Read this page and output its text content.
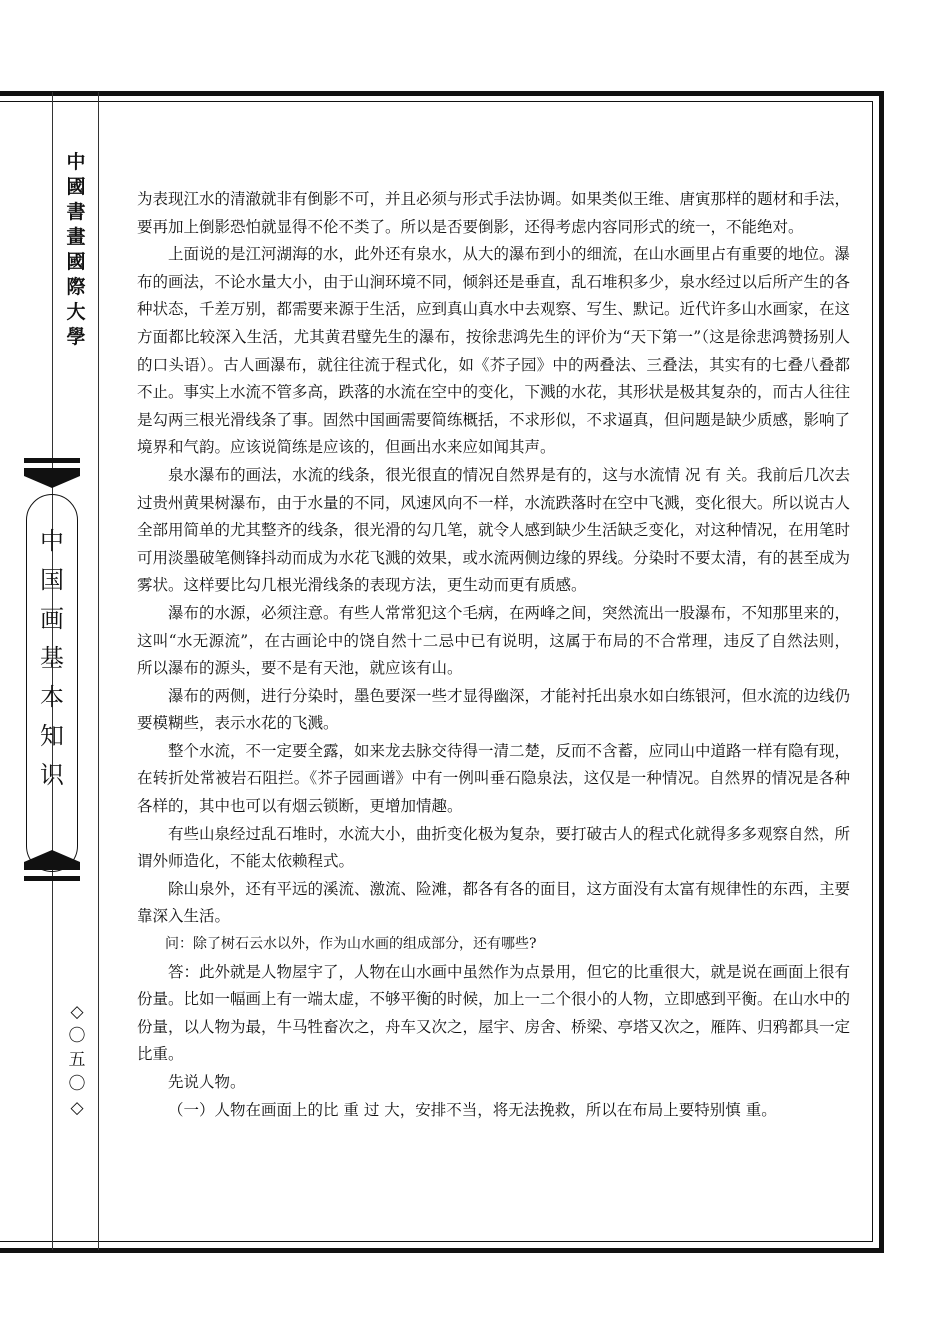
中
國
書
畫
國
際
大
學
中
国
画
基
本
知
识
◇
〇
五
〇
◇

为表现江水的清澈就非有倒影不可，并且必须与形式手法协调。如果类似王维、唐寅那样的题材和手法，要再加上倒影恐怕就显得不伦不类了。所以是否要倒影，还得考虑内容同形式的统一，不能绝对。

上面说的是江河湖海的水，此外还有泉水，从大的瀑布到小的细流，在山水画里占有重要的地位。瀑布的画法，不论水量大小，由于山涧环境不同，倾斜还是垂直，乱石堆积多少，泉水经过以后所产生的各种状态，千差万别，都需要来源于生活，应到真山真水中去观察、写生、默记。近代许多山水画家，在这方面都比较深入生活，尤其黄君璧先生的瀑布，按徐悲鸿先生的评价为“天下第一”（这是徐悲鸿赞扬别人的口头语）。古人画瀑布，就往往流于程式化，如《芥子园》中的两叠法、三叠法，其实有的七叠八叠都不止。事实上水流不管多高，跌落的水流在空中的变化，下溅的水花，其形状是极其复杂的，而古人往往是勾两三根光滑线条了事。固然中国画需要简练概括，不求形似，不求逼真，但问题是缺少质感，影响了境界和气韵。应该说简练是应该的，但画出水来应如闻其声。

泉水瀑布的画法，水流的线条，很光很直的情况自然界是有的，这与水流情 况 有 关。我前后几次去过贵州黄果树瀑布，由于水量的不同，风速风向不一样，水流跌落时在空中飞溅，变化很大。所以说古人全部用简单的尤其整齐的线条，很光滑的勾几笔，就令人感到缺少生活缺乏变化，对这种情况，在用笔时可用淡墨破笔侧锋抖动而成为水花飞溅的效果，或水流两侧边缘的界线。分染时不要太清，有的甚至成为雾状。这样要比勾几根光滑线条的表现方法，更生动而更有质感。

瀑布的水源，必须注意。有些人常常犯这个毛病，在两峰之间，突然流出一股瀑布，不知那里来的，这叫“水无源流”，在古画论中的饶自然十二忌中已有说明，这属于布局的不合常理，违反了自然法则，所以瀑布的源头，要不是有天池，就应该有山。

瀑布的两侧，进行分染时，墨色要深一些才显得幽深，才能衬托出泉水如白练银河，但水流的边线仍要模糊些，表示水花的飞溅。

整个水流，不一定要全露，如来龙去脉交待得一清二楚，反而不含蓄，应同山中道路一样有隐有现，在转折处常被岩石阻拦。《芥子园画谱》中有一例叫垂石隐泉法，这仅是一种情况。自然界的情况是各种各样的，其中也可以有烟云锁断，更增加情趣。

有些山泉经过乱石堆时，水流大小，曲折变化极为复杂，要打破古人的程式化就得多多观察自然，所谓外师造化，不能太依赖程式。

除山泉外，还有平远的溪流、激流、险滩，都各有各的面目，这方面没有太富有规律性的东西，主要靠深入生活。

问：除了树石云水以外，作为山水画的组成部分，还有哪些?

答：此外就是人物屋宇了，人物在山水画中虽然作为点景用，但它的比重很大，就是说在画面上很有份量。比如一幅画上有一端太虚，不够平衡的时候，加上一二个很小的人物，立即感到平衡。在山水中的份量，以人物为最，牛马牲畜次之，舟车又次之，屋宇、房舍、桥梁、亭塔又次之，雁阵、归鸦都具一定比重。

先说人物。

（一）人物在画面上的比 重 过 大，安排不当，将无法挽救，所以在布局上要特别慎 重。
